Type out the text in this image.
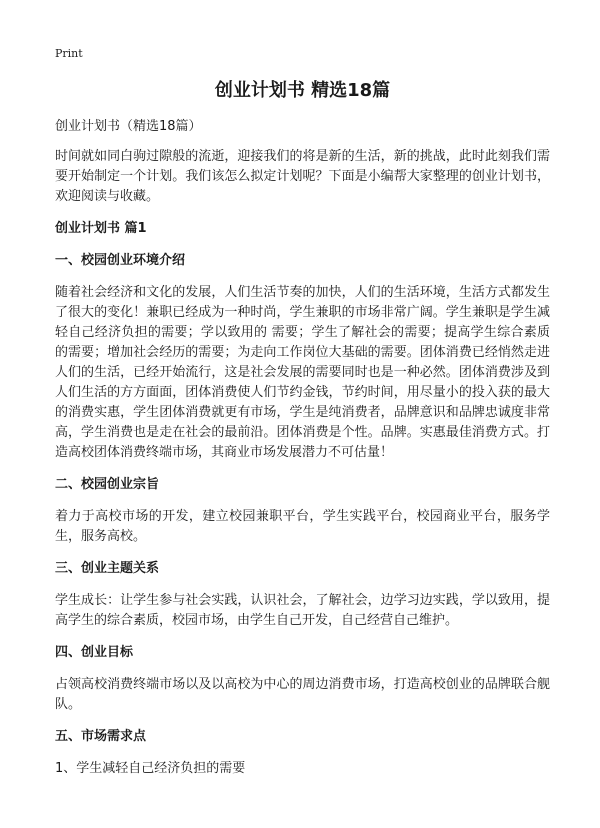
Print
创业计划书 精选18篇
创业计划书（精选18篇）
时间就如同白驹过隙般的流逝，迎接我们的将是新的生活，新的挑战，此时此刻我们需要开始制定一个计划。我们该怎么拟定计划呢？下面是小编帮大家整理的创业计划书，欢迎阅读与收藏。
创业计划书 篇1
一、校园创业环境介绍
随着社会经济和文化的发展，人们生活节奏的加快，人们的生活环境，生活方式都发生了很大的变化！兼职已经成为一种时尚，学生兼职的市场非常广阔。学生兼职是学生减轻自己经济负担的需要；学以致用的 需要；学生了解社会的需要；提高学生综合素质的需要；增加社会经历的需要；为走向工作岗位大基础的需要。团体消费已经悄然走进人们的生活，已经开始流行，这是社会发展的需要同时也是一种必然。团体消费涉及到人们生活的方方面面，团体消费使人们节约金钱，节约时间，用尽量小的投入获的最大的消费实惠，学生团体消费就更有市场，学生是纯消费者，品牌意识和品牌忠诚度非常高，学生消费也是走在社会的最前沿。团体消费是个性。品牌。实惠最佳消费方式。打造高校团体消费终端市场，其商业市场发展潜力不可估量！
二、校园创业宗旨
着力于高校市场的开发，建立校园兼职平台，学生实践平台，校园商业平台，服务学生，服务高校。
三、创业主题关系
学生成长：让学生参与社会实践，认识社会，了解社会，边学习边实践，学以致用，提高学生的综合素质，校园市场，由学生自己开发，自己经营自己维护。
四、创业目标
占领高校消费终端市场以及以高校为中心的周边消费市场，打造高校创业的品牌联合舰队。
五、市场需求点
1、学生减轻自己经济负担的需要
